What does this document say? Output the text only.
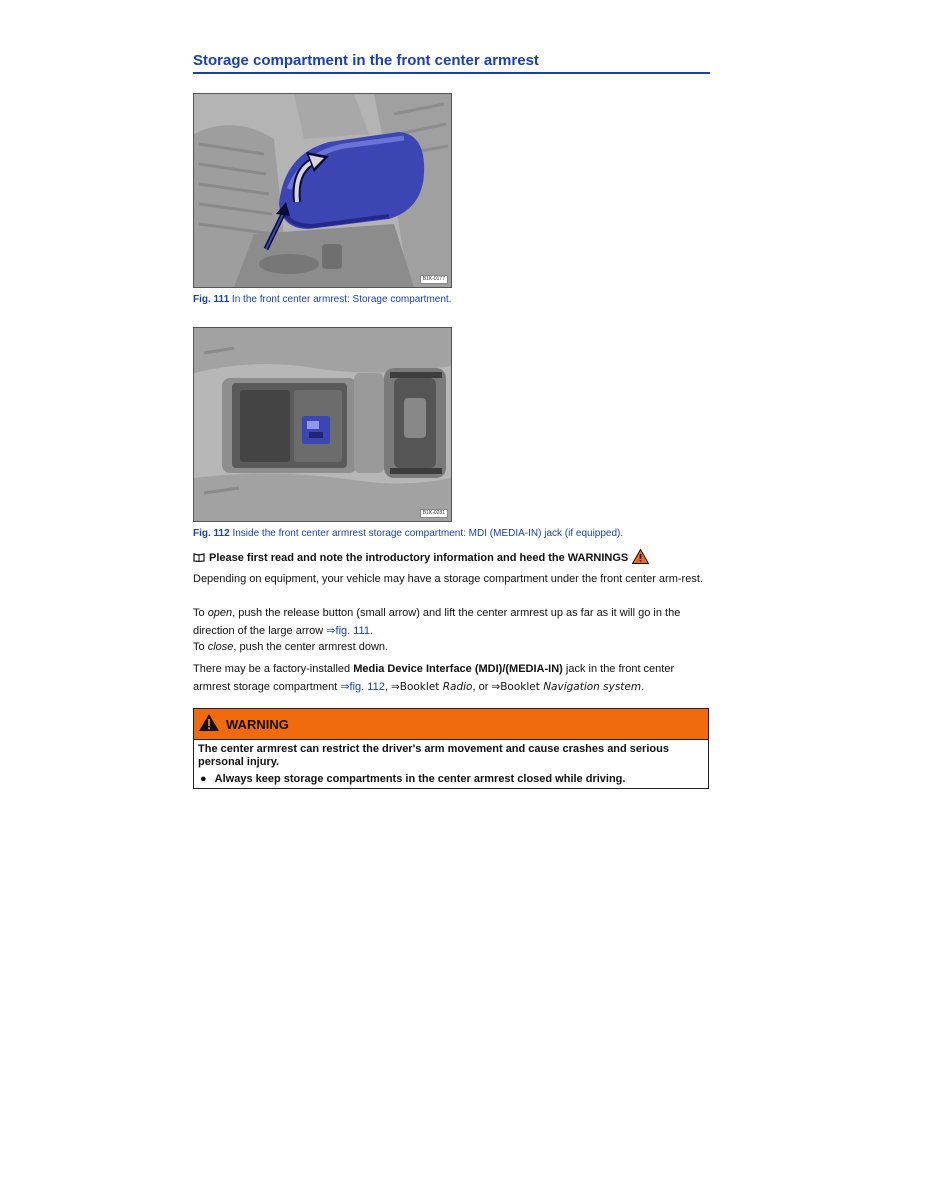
Storage compartment in the front center armrest
B1K-0177
Fig. 111 In the front center armrest: Storage compartment.
B1K-0281
Fig. 112 Inside the front center armrest storage compartment: MDI (MEDIA-IN) jack (if equipped).
Please first read and note the introductory information and heed the WARNINGS
Depending on equipment, your vehicle may have a storage compartment under the front center arm-rest.
To open, push the release button (small arrow) and lift the center armrest up as far as it will go in the direction of the large arrow ⇒fig. 111.
To close, push the center armrest down.
There may be a factory-installed Media Device Interface (MDI)/(MEDIA-IN) jack in the front center armrest storage compartment ⇒fig. 112, ⇒Booklet Radio, or ⇒Booklet Navigation system.
WARNING
The center armrest can restrict the driver's arm movement and cause crashes and serious personal injury.
● Always keep storage compartments in the center armrest closed while driving.
